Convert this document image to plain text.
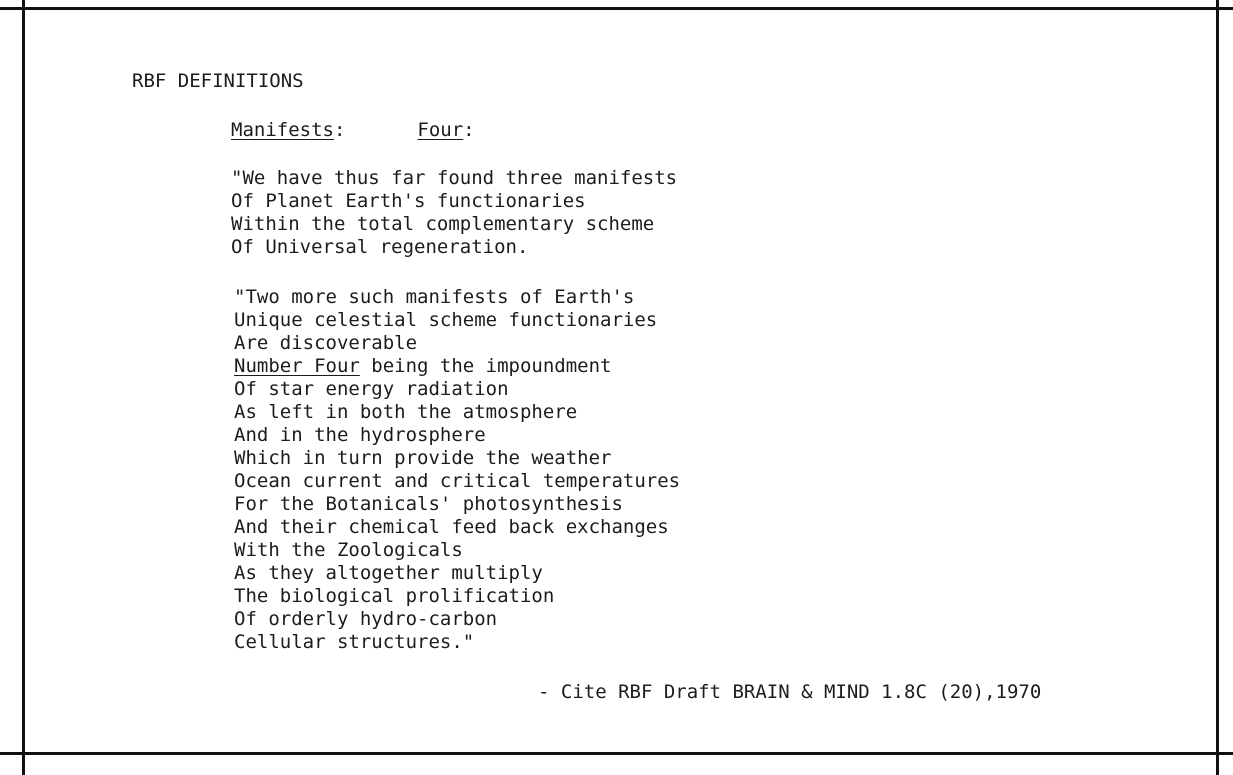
RBF DEFINITIONS
Manifests:	Four:
"We have thus far found three manifests
Of Planet Earth's functionaries
Within the total complementary scheme
Of Universal regeneration.
"Two more such manifests of Earth's
Unique celestial scheme functionaries
Are discoverable
Number Four being the impoundment
Of star energy radiation
As left in both the atmosphere
And in the hydrosphere
Which in turn provide the weather
Ocean current and critical temperatures
For the Botanicals' photosynthesis
And their chemical feed back exchanges
With the Zoologicals
As they altogether multiply
The biological prolification
Of orderly hydro-carbon
Cellular structures."
- Cite RBF Draft BRAIN & MIND 1.8C (20),1970
